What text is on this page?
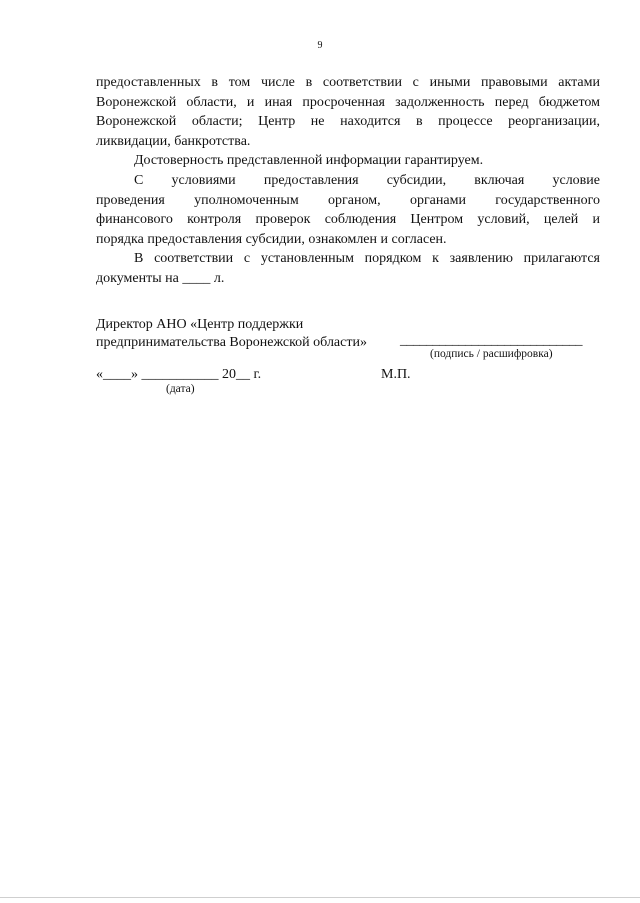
9

предоставленных в том числе в соответствии с иными правовыми актами
Воронежской области, и иная просроченная задолженность перед бюджетом
Воронежской области; Центр не находится в процессе реорганизации,
ликвидации, банкротства.

Достоверность представленной информации гарантируем.

С условиями предоставления субсидии, включая условие
проведения уполномоченным органом, органами государственного
финансового контроля проверок соблюдения Центром условий, целей и
порядка предоставления субсидии, ознакомлен и согласен.

В соответствии с установленным порядком к заявлению прилагаются
документы на ____ л.

Директор АНО «Центр поддержки
предпринимательства Воронежской области» ____________________________
(подпись / расшифровка)
«____» ___________ 20__ г.	М.П.
(дата)
